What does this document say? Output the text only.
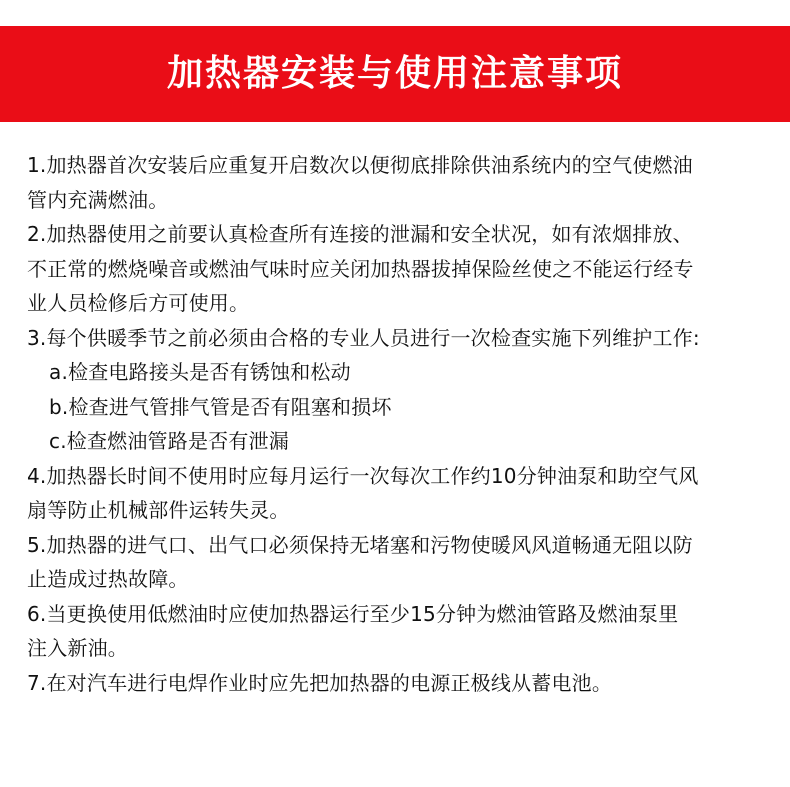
加热器安装与使用注意事项
1.加热器首次安装后应重复开启数次以便彻底排除供油系统内的空气使燃油
管内充满燃油。
2.加热器使用之前要认真检查所有连接的泄漏和安全状况，如有浓烟排放、
不正常的燃烧噪音或燃油气味时应关闭加热器拔掉保险丝使之不能运行经专
业人员检修后方可使用。
3.每个供暖季节之前必须由合格的专业人员进行一次检查实施下列维护工作:
a.检查电路接头是否有锈蚀和松动
b.检查进气管排气管是否有阻塞和损坏
c.检查燃油管路是否有泄漏
4.加热器长时间不使用时应每月运行一次每次工作约10分钟油泵和助空气风
扇等防止机械部件运转失灵。
5.加热器的进气口、出气口必须保持无堵塞和污物使暖风风道畅通无阻以防
止造成过热故障。
6.当更换使用低燃油时应使加热器运行至少15分钟为燃油管路及燃油泵里
注入新油。
7.在对汽车进行电焊作业时应先把加热器的电源正极线从蓄电池。
